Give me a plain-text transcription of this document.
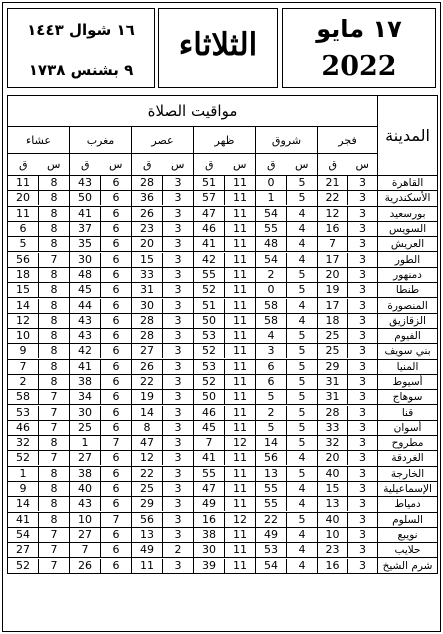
١٧ مايو
2022
الثلاثاء
١٦ شوال ١٤٤٣
٩ بشنس ١٧٣٨
مواقيت الصلاة						المدينة
عشاء	مغرب	عصر	ظهر	شروق	فجر	
ق س	ق س	ق س	ق س	ق س	ق س	

11 8	43 6	28 3	51 11	0 5	21 3	القاهرة

20 8	50 6	36 3	57 11	1 5	22 3	الأسكندرية

11 8	41 6	26 3	47 11	54 4	12 3	بورسعيد

6 8	37 6	23 3	46 11	55 4	16 3	السويس

5 8	35 6	20 3	41 11	48 4	7 3	العريش

56 7	30 6	15 3	42 11	54 4	17 3	الطور

18 8	48 6	33 3	55 11	2 5	20 3	دمنهور

15 8	45 6	31 3	52 11	0 5	19 3	طنطا

14 8	44 6	30 3	51 11	58 4	17 3	المنصورة

12 8	43 6	28 3	50 11	58 4	18 3	الزقازيق

10 8	43 6	28 3	53 11	4 5	25 3	الفيوم

9 8	42 6	27 3	52 11	3 5	25 3	بني سويف

7 8	41 6	26 3	53 11	6 5	29 3	المنيا

2 8	38 6	22 3	52 11	6 5	31 3	أسيوط

58 7	34 6	19 3	50 11	5 5	31 3	سوهاج

53 7	30 6	14 3	46 11	2 5	28 3	قنا

46 7	25 6	8 3	45 11	5 5	33 3	أسوان

32 8	1 7	47 3	7 12	14 5	32 3	مطروح

52 7	27 6	12 3	41 11	56 4	20 3	الغردقة

1 8	38 6	22 3	55 11	13 5	40 3	الخارجة

9 8	40 6	25 3	47 11	55 4	15 3	الإسماعيلية

14 8	43 6	29 3	49 11	55 4	13 3	دمياط

41 8	10 7	56 3	16 12	22 5	40 3	السلوم

54 7	27 6	13 3	38 11	49 4	10 3	نويبع

27 7	7 6	49 2	30 11	53 4	23 3	حلايب

52 7	26 6	11 3	39 11	54 4	16 3	شرم الشيخ
